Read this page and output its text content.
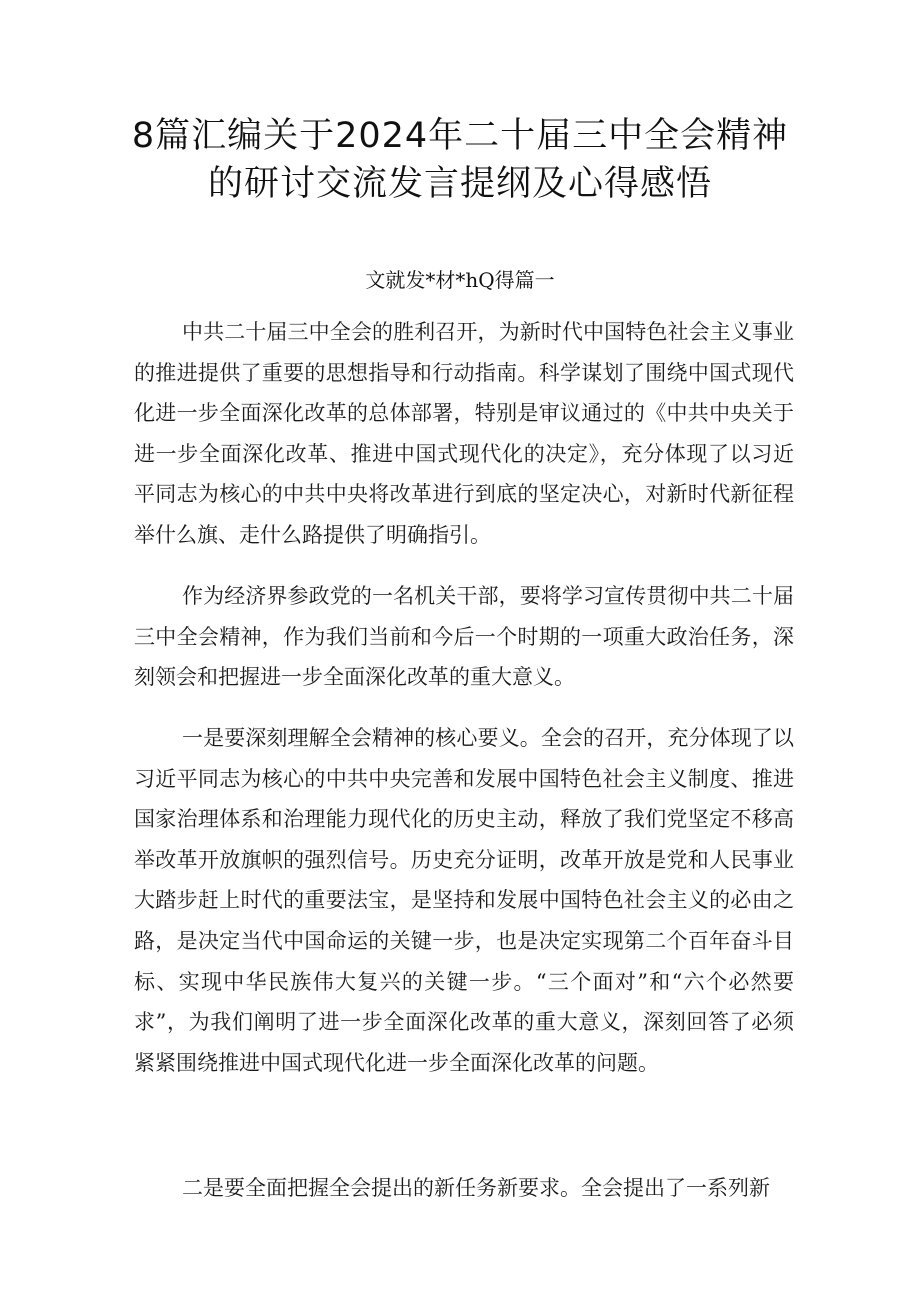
8篇汇编关于2024年二十届三中全会精神
的研讨交流发言提纲及心得感悟

文就发*材*hQ得篇一

中共二十届三中全会的胜利召开，为新时代中国特色社会主义事业的推进提供了重要的思想指导和行动指南。科学谋划了围绕中国式现代化进一步全面深化改革的总体部署，特别是审议通过的《中共中央关于进一步全面深化改革、推进中国式现代化的决定》，充分体现了以习近平同志为核心的中共中央将改革进行到底的坚定决心，对新时代新征程举什么旗、走什么路提供了明确指引。

作为经济界参政党的一名机关干部，要将学习宣传贯彻中共二十届三中全会精神，作为我们当前和今后一个时期的一项重大政治任务，深刻领会和把握进一步全面深化改革的重大意义。

一是要深刻理解全会精神的核心要义。全会的召开，充分体现了以习近平同志为核心的中共中央完善和发展中国特色社会主义制度、推进国家治理体系和治理能力现代化的历史主动，释放了我们党坚定不移高举改革开放旗帜的强烈信号。历史充分证明，改革开放是党和人民事业大踏步赶上时代的重要法宝，是坚持和发展中国特色社会主义的必由之路，是决定当代中国命运的关键一步，也是决定实现第二个百年奋斗目标、实现中华民族伟大复兴的关键一步。“三个面对”和“六个必然要求”，为我们阐明了进一步全面深化改革的重大意义，深刻回答了必须紧紧围绕推进中国式现代化进一步全面深化改革的问题。

二是要全面把握全会提出的新任务新要求。全会提出了一系列新
